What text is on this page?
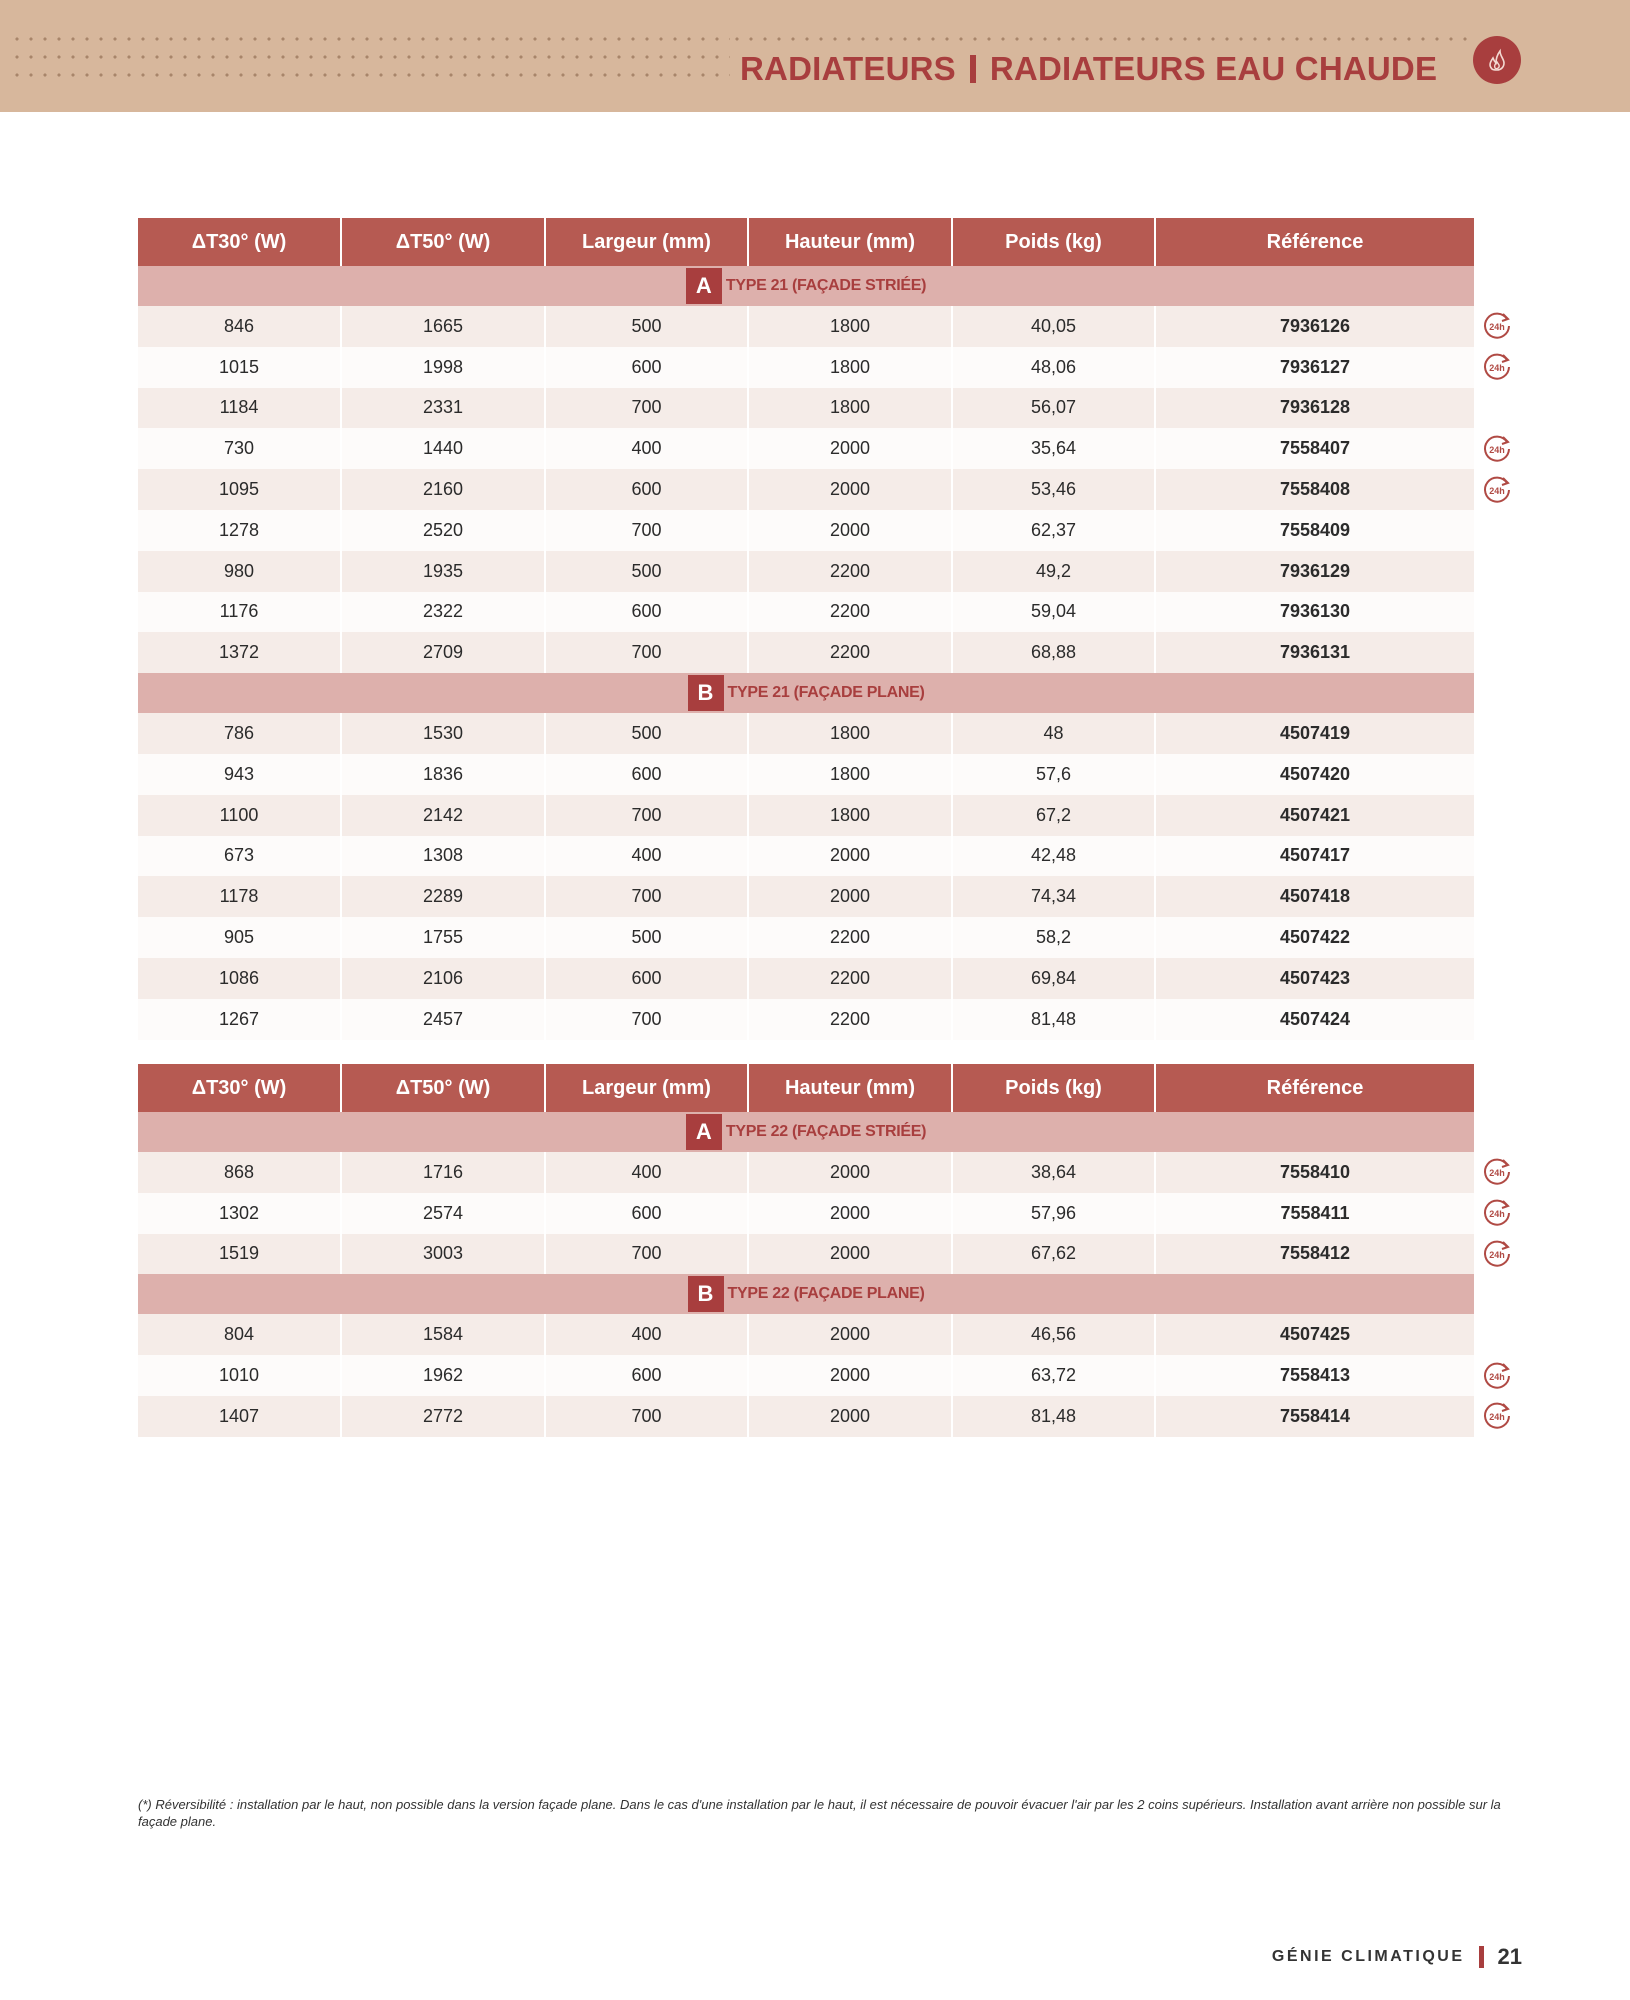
RADIATEURS RADIATEURS EAU CHAUDE
ΔT30° (W)	ΔT50° (W)	Largeur (mm)	Hauteur (mm)	Poids (kg)	Référence

A TYPE 21 (FAÇADE STRIÉE)					

846	1665	500	1800	40,05	7936126
1015	1998	600	1800	48,06	7936127
1184	2331	700	1800	56,07	7936128
730	1440	400	2000	35,64	7558407
1095	2160	600	2000	53,46	7558408
1278	2520	700	2000	62,37	7558409
980	1935	500	2200	49,2	7936129
1176	2322	600	2200	59,04	7936130
1372	2709	700	2200	68,88	7936131

B TYPE 21 (FAÇADE PLANE)					

786	1530	500	1800	48	4507419
943	1836	600	1800	57,6	4507420
1100	2142	700	1800	67,2	4507421
673	1308	400	2000	42,48	4507417
1178	2289	700	2000	74,34	4507418
905	1755	500	2200	58,2	4507422
1086	2106	600	2200	69,84	4507423
1267	2457	700	2200	81,48	4507424
ΔT30° (W)	ΔT50° (W)	Largeur (mm)	Hauteur (mm)	Poids (kg)	Référence

A TYPE 22 (FAÇADE STRIÉE)					

868	1716	400	2000	38,64	7558410
1302	2574	600	2000	57,96	7558411
1519	3003	700	2000	67,62	7558412

B TYPE 22 (FAÇADE PLANE)					

804	1584	400	2000	46,56	4507425
1010	1962	600	2000	63,72	7558413
1407	2772	700	2000	81,48	7558414
24h
24h
24h
24h
24h
24h
24h
24h
24h
(*) Réversibilité : installation par le haut, non possible dans la version façade plane. Dans le cas d'une installation par le haut, il est nécessaire de pouvoir évacuer l'air par les 2 coins supérieurs. Installation avant arrière non possible sur la façade plane.
GÉNIE CLIMATIQUE 21
